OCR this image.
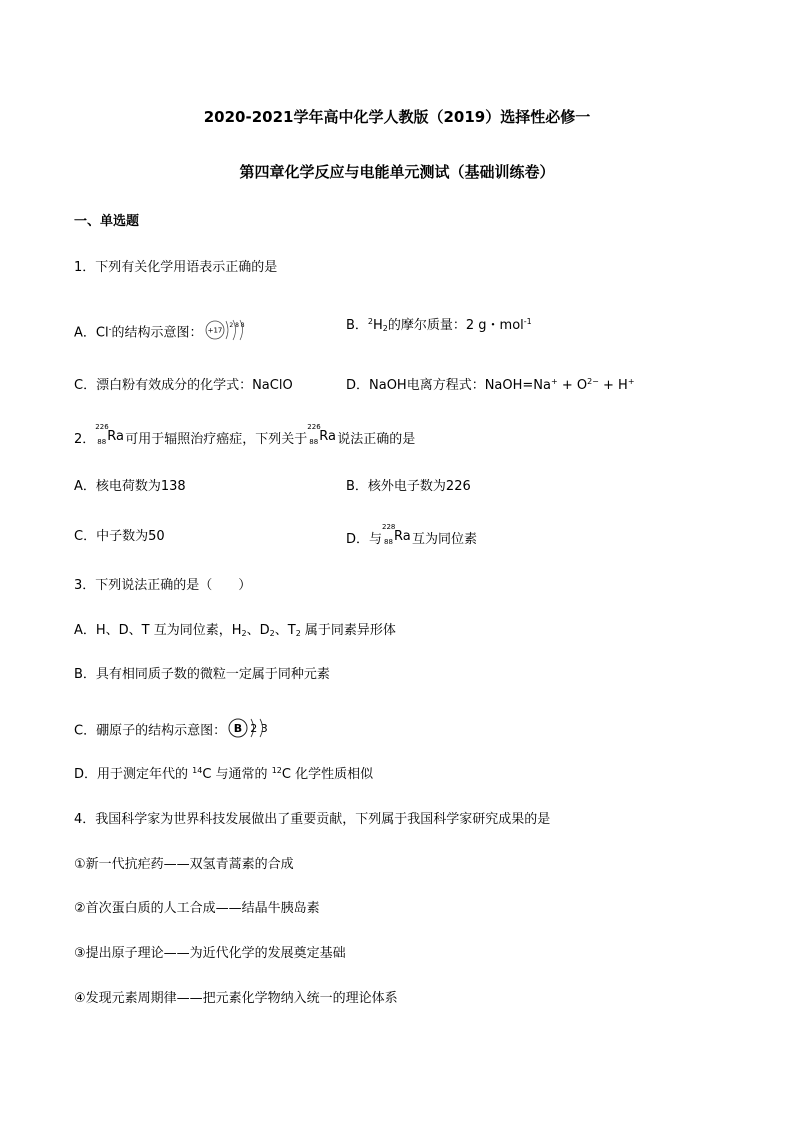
2020-2021学年高中化学人教版（2019）选择性必修一
第四章化学反应与电能单元测试（基础训练卷）
一、单选题
1．下列有关化学用语表示正确的是
A．Cl-的结构示意图： +17
2 8 8	B．$^2H_2$的摩尔质量：2 g・mol$^{-1}$
C．漂白粉有效成分的化学式：NaClO	D．NaOH电离方程式：NaOH=Na+ + $O^{2-} + H^+$
2．
226
88 Ra 可用于辐照治疗癌症，下列关于
226
88 Ra 说法正确的是
A．核电荷数为138	B．核外电子数为226
C．中子数为50	D．与
228
88 Ra 互为同位素
3．下列说法正确的是（　　）
A．H、D、T 互为同位素，$H_2$、$D_2$、$T_2$ 属于同素异形体
B．具有相同质子数的微粒一定属于同种元素
C．硼原子的结构示意图： B 2 3
D．用于测定年代的 $^{14}$C 与通常的 $^{12}$C 化学性质相似
4．我国科学家为世界科技发展做出了重要贡献，下列属于我国科学家研究成果的是
①新一代抗疟药——双氢青蒿素的合成
②首次蛋白质的人工合成——结晶牛胰岛素
③提出原子理论——为近代化学的发展奠定基础
④发现元素周期律——把元素化学物纳入统一的理论体系
